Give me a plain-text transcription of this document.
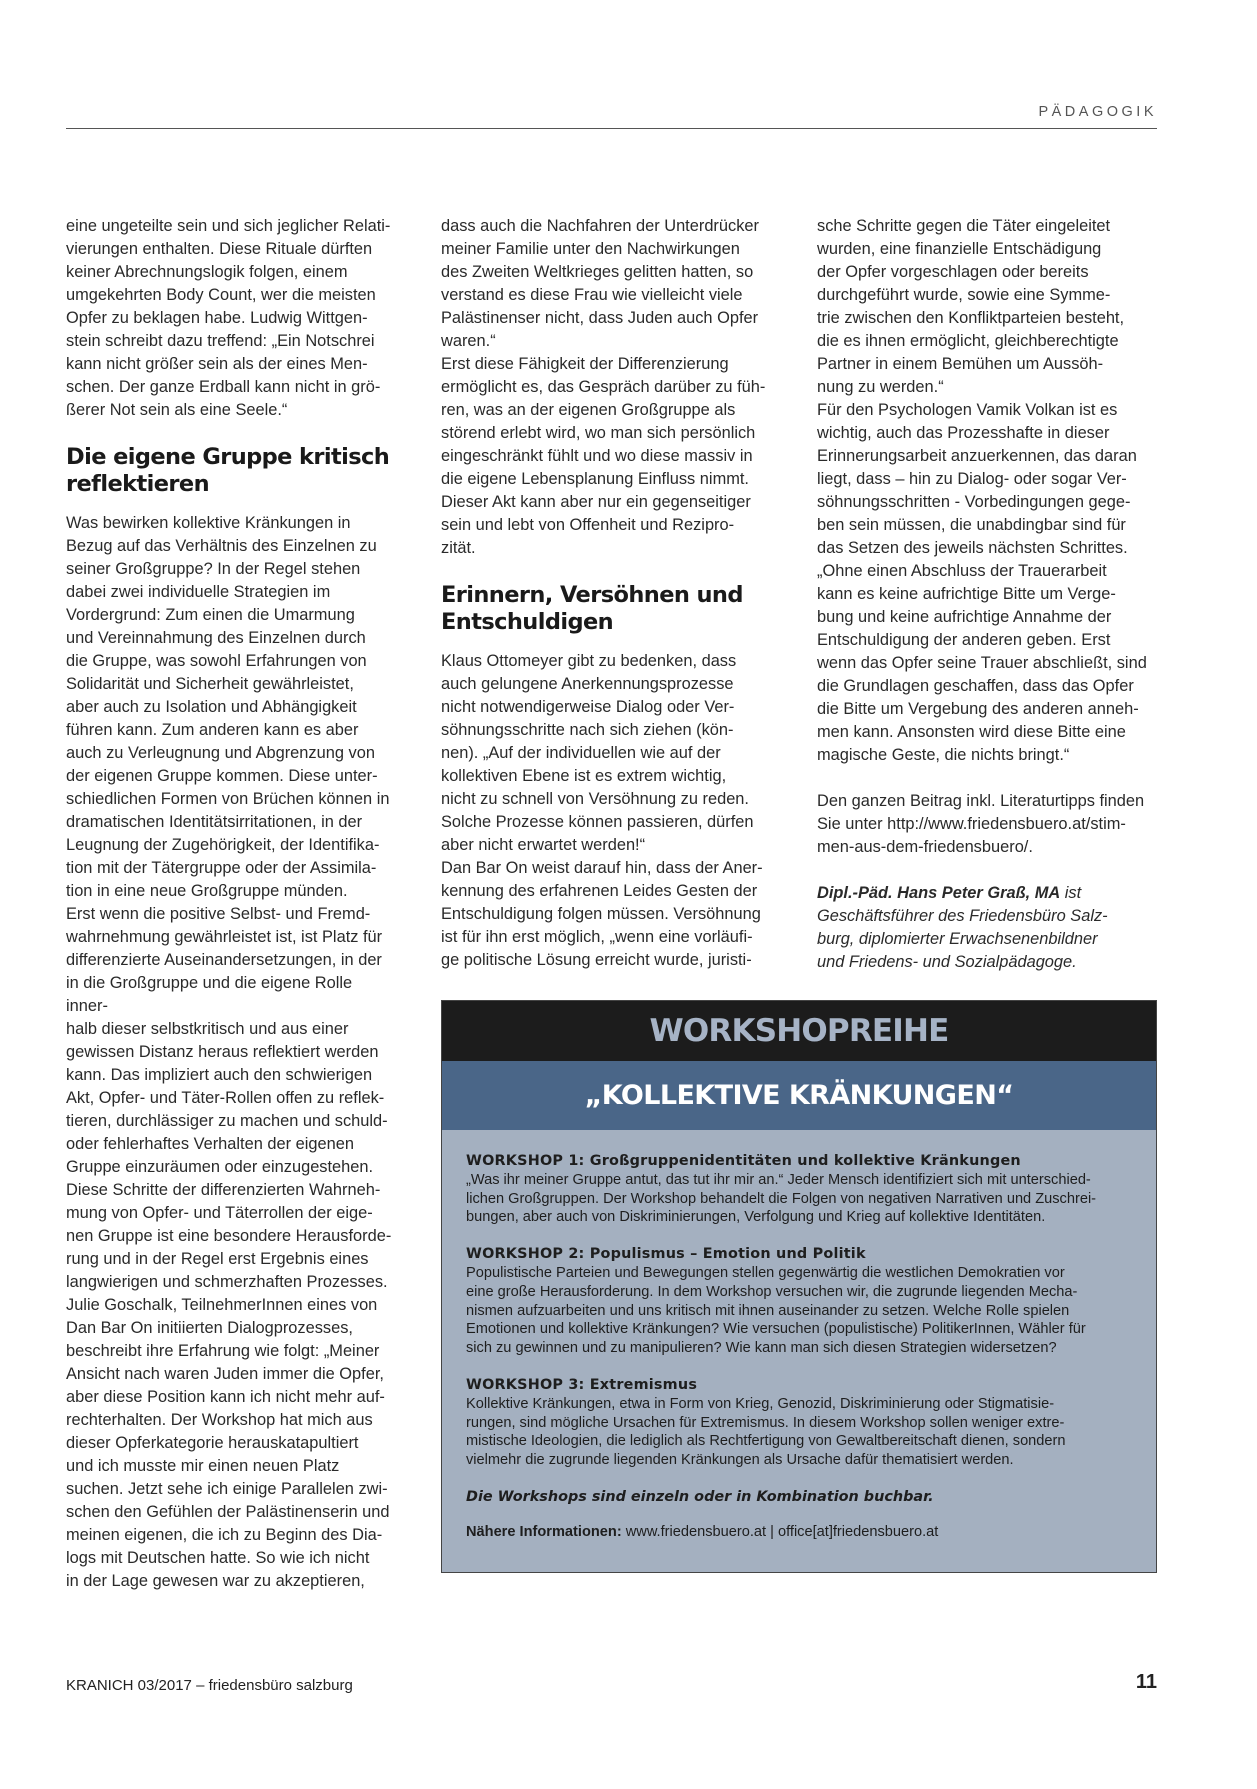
PÄDAGOGIK

eine ungeteilte sein und sich jeglicher Relati-
vierungen enthalten. Diese Rituale dürften
keiner Abrechnungslogik folgen, einem
umgekehrten Body Count, wer die meisten
Opfer zu beklagen habe. Ludwig Wittgen-
stein schreibt dazu treffend: „Ein Notschrei
kann nicht größer sein als der eines Men-
schen. Der ganze Erdball kann nicht in grö-
ßerer Not sein als eine Seele.“

Die eigene Gruppe kritisch reflektieren

Was bewirken kollektive Kränkungen in
Bezug auf das Verhältnis des Einzelnen zu
seiner Großgruppe? In der Regel stehen
dabei zwei individuelle Strategien im
Vordergrund: Zum einen die Umarmung
und Vereinnahmung des Einzelnen durch
die Gruppe, was sowohl Erfahrungen von
Solidarität und Sicherheit gewährleistet,
aber auch zu Isolation und Abhängigkeit
führen kann. Zum anderen kann es aber
auch zu Verleugnung und Abgrenzung von
der eigenen Gruppe kommen. Diese unter-
schiedlichen Formen von Brüchen können in
dramatischen Identitätsirritationen, in der
Leugnung der Zugehörigkeit, der Identifika-
tion mit der Tätergruppe oder der Assimila-
tion in eine neue Großgruppe münden.
Erst wenn die positive Selbst- und Fremd-
wahrnehmung gewährleistet ist, ist Platz für
differenzierte Auseinandersetzungen, in der
in die Großgruppe und die eigene Rolle inner-
halb dieser selbstkritisch und aus einer
gewissen Distanz heraus reflektiert werden
kann. Das impliziert auch den schwierigen
Akt, Opfer- und Täter-Rollen offen zu reflek-
tieren, durchlässiger zu machen und schuld-
oder fehlerhaftes Verhalten der eigenen
Gruppe einzuräumen oder einzugestehen.
Diese Schritte der differenzierten Wahrneh-
mung von Opfer- und Täterrollen der eige-
nen Gruppe ist eine besondere Herausforde-
rung und in der Regel erst Ergebnis eines
langwierigen und schmerzhaften Prozesses.
Julie Goschalk, TeilnehmerInnen eines von
Dan Bar On initiierten Dialogprozesses,
beschreibt ihre Erfahrung wie folgt: „Meiner
Ansicht nach waren Juden immer die Opfer,
aber diese Position kann ich nicht mehr auf-
rechterhalten. Der Workshop hat mich aus
dieser Opferkategorie herauskatapultiert
und ich musste mir einen neuen Platz
suchen. Jetzt sehe ich einige Parallelen zwi-
schen den Gefühlen der Palästinenserin und
meinen eigenen, die ich zu Beginn des Dia-
logs mit Deutschen hatte. So wie ich nicht
in der Lage gewesen war zu akzeptieren,

dass auch die Nachfahren der Unterdrücker
meiner Familie unter den Nachwirkungen
des Zweiten Weltkrieges gelitten hatten, so
verstand es diese Frau wie vielleicht viele
Palästinenser nicht, dass Juden auch Opfer
waren.“
Erst diese Fähigkeit der Differenzierung
ermöglicht es, das Gespräch darüber zu füh-
ren, was an der eigenen Großgruppe als
störend erlebt wird, wo man sich persönlich
eingeschränkt fühlt und wo diese massiv in
die eigene Lebensplanung Einfluss nimmt.
Dieser Akt kann aber nur ein gegenseitiger
sein und lebt von Offenheit und Rezipro-
zität.

Erinnern, Versöhnen und Entschuldigen

Klaus Ottomeyer gibt zu bedenken, dass
auch gelungene Anerkennungsprozesse
nicht notwendigerweise Dialog oder Ver-
söhnungsschritte nach sich ziehen (kön-
nen). „Auf der individuellen wie auf der
kollektiven Ebene ist es extrem wichtig,
nicht zu schnell von Versöhnung zu reden.
Solche Prozesse können passieren, dürfen
aber nicht erwartet werden!“
Dan Bar On weist darauf hin, dass der Aner-
kennung des erfahrenen Leides Gesten der
Entschuldigung folgen müssen. Versöhnung
ist für ihn erst möglich, „wenn eine vorläufi-
ge politische Lösung erreicht wurde, juristi-

sche Schritte gegen die Täter eingeleitet
wurden, eine finanzielle Entschädigung
der Opfer vorgeschlagen oder bereits
durchgeführt wurde, sowie eine Symme-
trie zwischen den Konfliktparteien besteht,
die es ihnen ermöglicht, gleichberechtigte
Partner in einem Bemühen um Aussöh-
nung zu werden.“
Für den Psychologen Vamik Volkan ist es
wichtig, auch das Prozesshafte in dieser
Erinnerungsarbeit anzuerkennen, das daran
liegt, dass – hin zu Dialog- oder sogar Ver-
söhnungsschritten - Vorbedingungen gege-
ben sein müssen, die unabdingbar sind für
das Setzen des jeweils nächsten Schrittes.
„Ohne einen Abschluss der Trauerarbeit
kann es keine aufrichtige Bitte um Verge-
bung und keine aufrichtige Annahme der
Entschuldigung der anderen geben. Erst
wenn das Opfer seine Trauer abschließt, sind
die Grundlagen geschaffen, dass das Opfer
die Bitte um Vergebung des anderen anneh-
men kann. Ansonsten wird diese Bitte eine
magische Geste, die nichts bringt.“

Den ganzen Beitrag inkl. Literaturtipps finden
Sie unter http://www.friedensbuero.at/stim-
men-aus-dem-friedensbuero/.

Dipl.-Päd. Hans Peter Graß, MA ist
Geschäftsführer des Friedensbüro Salz-
burg, diplomierter Erwachsenenbildner
und Friedens- und Sozialpädagoge.

WORKSHOPREIHE
„KOLLEKTIVE KRÄNKUNGEN“
WORKSHOP 1: Großgruppenidentitäten und kollektive Kränkungen
„Was ihr meiner Gruppe antut, das tut ihr mir an.“ Jeder Mensch identifiziert sich mit unterschied-
lichen Großgruppen. Der Workshop behandelt die Folgen von negativen Narrativen und Zuschrei-
bungen, aber auch von Diskriminierungen, Verfolgung und Krieg auf kollektive Identitäten.
WORKSHOP 2: Populismus – Emotion und Politik
Populistische Parteien und Bewegungen stellen gegenwärtig die westlichen Demokratien vor
eine große Herausforderung. In dem Workshop versuchen wir, die zugrunde liegenden Mecha-
nismen aufzuarbeiten und uns kritisch mit ihnen auseinander zu setzen. Welche Rolle spielen
Emotionen und kollektive Kränkungen? Wie versuchen (populistische) PolitikerInnen, Wähler für
sich zu gewinnen und zu manipulieren? Wie kann man sich diesen Strategien widersetzen?
WORKSHOP 3: Extremismus
Kollektive Kränkungen, etwa in Form von Krieg, Genozid, Diskriminierung oder Stigmatisie-
rungen, sind mögliche Ursachen für Extremismus. In diesem Workshop sollen weniger extre-
mistische Ideologien, die lediglich als Rechtfertigung von Gewaltbereitschaft dienen, sondern
vielmehr die zugrunde liegenden Kränkungen als Ursache dafür thematisiert werden.
Die Workshops sind einzeln oder in Kombination buchbar.
Nähere Informationen: www.friedensbuero.at | office[at]friedensbuero.at
KRANICH 03/2017 – friedensbüro salzburg	11
